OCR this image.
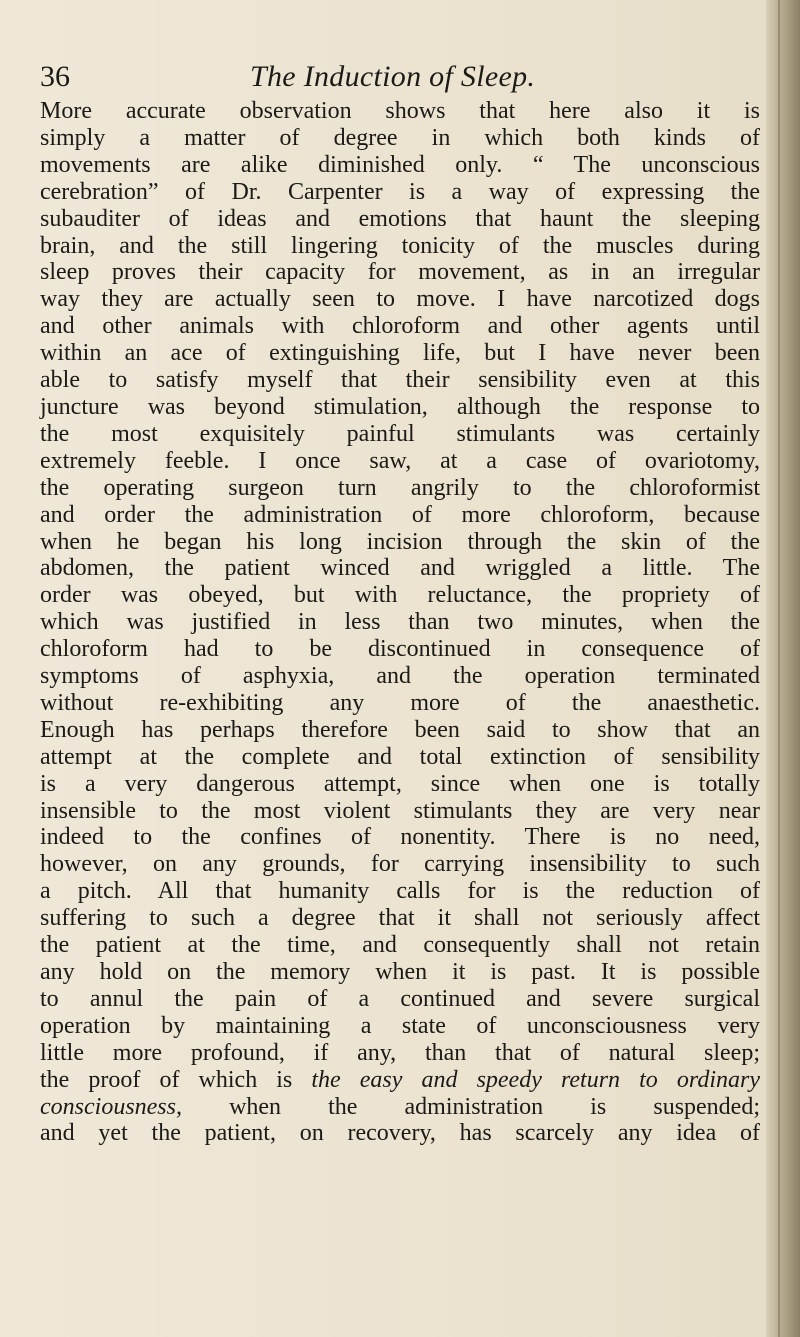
36	The Induction of Sleep.
More accurate observation shows that here also it is
simply a matter of degree in which both kinds of
movements are alike diminished only. “ The unconscious
cerebration” of Dr. Carpenter is a way of expressing the
subauditer of ideas and emotions that haunt the sleeping
brain, and the still lingering tonicity of the muscles during
sleep proves their capacity for movement, as in an irregular
way they are actually seen to move. I have narcotized dogs
and other animals with chloroform and other agents until
within an ace of extinguishing life, but I have never been
able to satisfy myself that their sensibility even at this
juncture was beyond stimulation, although the response to
the most exquisitely painful stimulants was certainly
extremely feeble. I once saw, at a case of ovariotomy,
the operating surgeon turn angrily to the chloroformist
and order the administration of more chloroform, because
when he began his long incision through the skin of the
abdomen, the patient winced and wriggled a little. The
order was obeyed, but with reluctance, the propriety of
which was justified in less than two minutes, when the
chloroform had to be discontinued in consequence of
symptoms of asphyxia, and the operation terminated
without re-exhibiting any more of the anaesthetic.
Enough has perhaps therefore been said to show that an
attempt at the complete and total extinction of sensibility
is a very dangerous attempt, since when one is totally
insensible to the most violent stimulants they are very near
indeed to the confines of nonentity. There is no need,
however, on any grounds, for carrying insensibility to such
a pitch. All that humanity calls for is the reduction of
suffering to such a degree that it shall not seriously affect
the patient at the time, and consequently shall not retain
any hold on the memory when it is past. It is possible
to annul the pain of a continued and severe surgical
operation by maintaining a state of unconsciousness very
little more profound, if any, than that of natural sleep;
the proof of which is the easy and speedy return to ordinary
consciousness, when the administration is suspended;
and yet the patient, on recovery, has scarcely any idea of
